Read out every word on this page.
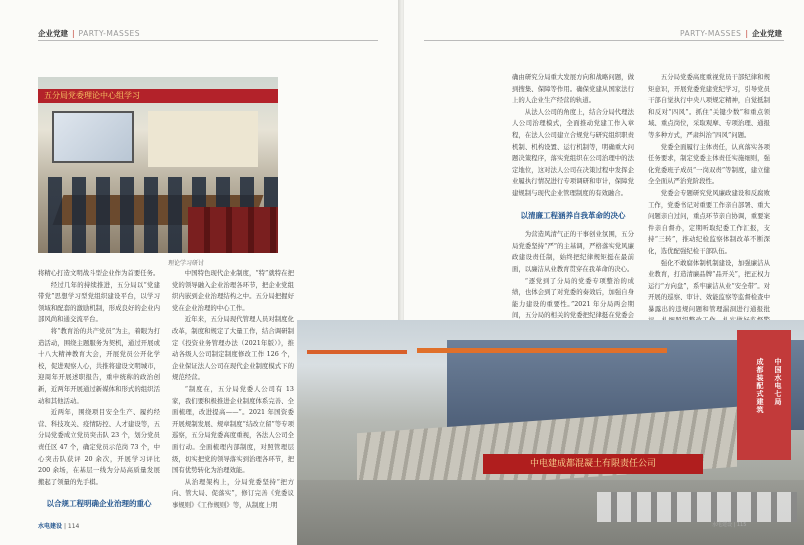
企业党建 | PARTY-MASSES
五分局党委理论中心组学习
理论学习研讨

将精心打造文明战斗型企业作为首要任务。

经过几年的持续推进，五分局以“党建带党”思想学习型党组织建设平台，以学习领域和配套的激励机制，形成良好的企业内部风尚和通交流平台。

将“教育治的共产党员”为主，着眼为打造活动，围绕主题服务为契机，通过开展或十八大精神教育大会，开展党员公开化学校，促进观察人心，共推将建设文明城市，迎周年开展述职报告，重申统称的政治创新，近两年开展通过新媒体和形式的组织活动和其他活动。

近两年，围绕项目安全生产、履约经营、科技攻关、疫情防控、人才建设等，五分局党委成立党员突击队 23 个，划分党员责任区 47 个，确定党员示范岗 73 个，中心突击队获评 20 余次，开展学习评比 200 余场，在基层一线为分局高质量发展搬起了领量的先手棋。

以合规工程明确企业治理的重心

中国特色现代企业制度，“特”就特在把党的领导融入企业治理各环节，把企业党组织内嵌到企业治理结构之中。五分局把握好党在企业治理的中心工作。

近年来，五分局现代管理人员对制度化改革，制度和规定了大量工作，结合调研制定《投资业务管理办法（2021年版）》，推动各级人公司制定制度修改工作 126 个，企业保证法人公司在现代企业制度模式下的规范经营。

“制度在，五分局党委人公司有 13 家，我们要积极推进企业制度体系完善、全面梳理，改进提高——”。2021 年国资委开展规制发展、规章制度“结改立留”等专项巡察，五分局党委高度重视，各法人公司全面行动。全面梳理内部制度，对照管理层级，切实把党的领导落实到治理各环节，把国有优势转化为治理效能。

从治理架构上，分局党委坚持“把方向、管大局、促落实”，修订完善《党委议事规则》《工作规则》等，从制度上明

水电建设 | 114
PARTY-MASSES | 企业党建

确由研究分局重大发展方向和战略问题，做到搜集、保障等作用。确保党建从国家法行上的人企业生产经营的轨道。

从法人公司的角度上，结合分局代理法人公司治理模式，全面推动党建工作入章程，在法人公司建立合规党与研究组织职责机制、机构设置、运行机制等，明确重大问题决策程序，落实党组织在公司治理中的法定地位，这对法人公司在决策过程中发挥企业履执行情况进行专项调研和审计，保障党建规制与现代企业管理制度的有效融合。

以清廉工程涵养自我革命的决心

为营造风清气正的干事创业氛围，五分局党委坚持“严”的主基调，严格落实党风廉政建设责任制，始终把纪律规矩挺在最前面，以廉洁从业教育贯穿在我革命的决心。

“逐党到了分局的党委专项整治的成绩，也体会到了对党委的奏效后，加强自身能力建设的重要性。”2021 年分局两会期间，五分局的相关的党委把纪律挺在党委会

五分局党委高度重视党员干部纪律和规矩意识，开展党委党建党纪学习，引导党员干部自觉执行中央八项规定精神，自觉抵制和反对“四风”。抓住“关键少数”和重点领域、重点岗位，采取观摩、专项治理、通报等多种方式，严肃纠治“四风”问题。

党委全面履行主体责任，认真落实各项任务要求，制定党委主体责任实施细则，强化党委班子成员“一岗双责”等制度，建立健全全面从严治党阶段性。

党委会专题研究党风廉政建设和反腐败工作，党委书记对重要工作亲自部署、重大问题亲自过问，重点环节亲自协调，重要案件亲自督办，定期听取纪委工作汇报，支持“三转”，推动纪检监察体制改革不断深化，选优配强纪检干部队伍。

强化不敢腐体制机制建设，加强廉洁从业教育，打造清廉品牌“品开关”，把正权力运行“方向盘”，系牢廉洁从业“安全带”。对开展的巡察、审计、效能监察等监督检查中暴露出的违规问题和管理漏洞进行通报批

中电建成都混凝土有限责任公司
中国水电七局
成都装配式建筑
水电建设 | 115
